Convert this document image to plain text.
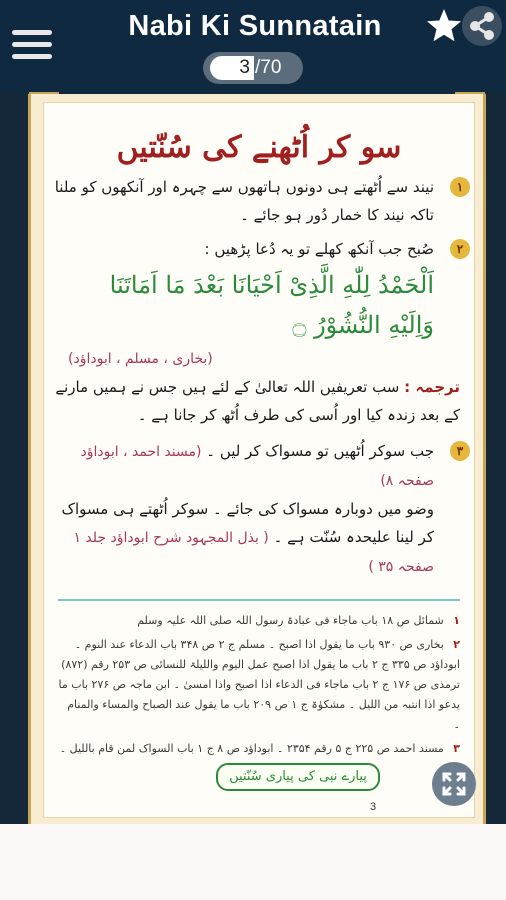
Nabi Ki Sunnatain
3
/70
سو کر اُٹھنے کی سُنّتیں
۱
نیند سے اُٹھتے ہی دونوں ہاتھوں سے چہرہ اور آنکھوں کو ملنا تاکہ نیند کا خمار دُور ہو جائے ۔
۲
صُبح جب آنکھ کھلے تو یہ دُعا پڑھیں :
اَلْحَمْدُ لِلّٰهِ الَّذِیْ اَحْیَانَا بَعْدَ مَا اَمَاتَنَا وَاِلَیْهِ النُّشُوْرُ ۝
(بخاری ، مسلم ، ابوداؤد)
ترجمہ : سب تعریفیں اللہ تعالیٰ کے لئے ہیں جس نے ہمیں مارنے کے بعد زندہ کیا اور اُسی کی طرف اُٹھ کر جانا ہے ۔
۳
جب سوکر اُٹھیں تو مسواک کر لیں ۔ (مسند احمد ، ابوداؤد صفحہ ۸)
وضو میں دوبارہ مسواک کی جائے ۔ سوکر اُٹھتے ہی مسواک کر لینا علیحدہ سُنّت ہے ۔ ( بذل المجہود شرح ابوداؤد جلد ۱ صفحہ ۳۵ )
۱ شمائل ص ۱۸ باب ماجاء فی عبادۃ رسول اللہ صلی اللہ علیہ وسلم
۲ بخاری ص ۹۳۰ باب ما یقول اذا اصبح ۔ مسلم ج ۲ ص ۳۴۸ باب الدعاء عند النوم ۔ ابوداؤد ص ۳۳۵ ج ۲ باب ما یقول اذا اصبح عمل الیوم واللیلۃ للنسائی ص ۲۵۳ رقم (۸۷۲) ترمذی ص ۱۷۶ ج ۲ باب ماجاء فی الدعاء اذا اصبح واذا امسیٰ ۔ ابن ماجہ ص ۲۷۶ باب ما یدعو اذا انتبہ من اللیل ۔ مشکوٰۃ ج ۱ ص ۲۰۹ باب ما یقول عند الصباح والمساء والمنام ۔
۳ مسند احمد ص ۲۲۵ ج ۵ رقم ۲۳۵۴ ۔ ابوداؤد ص ۸ ج ۱ باب السواک لمن قام باللیل ۔
پیارے نبی کی پیاری سُنّتیں
3
